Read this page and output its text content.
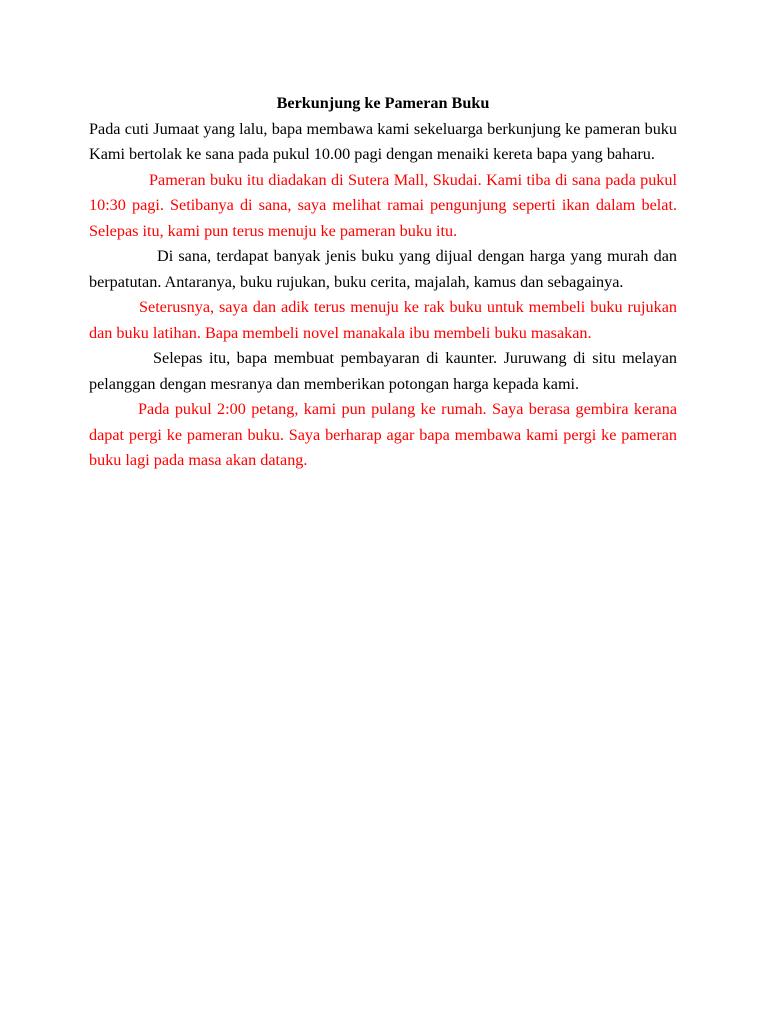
Berkunjung ke Pameran Buku

Pada cuti Jumaat yang lalu, bapa membawa kami sekeluarga berkunjung ke pameran buku Kami bertolak ke sana pada pukul 10.00 pagi dengan menaiki kereta bapa yang baharu.

Pameran buku itu diadakan di Sutera Mall, Skudai. Kami tiba di sana pada pukul 10:30 pagi. Setibanya di sana, saya melihat ramai pengunjung seperti ikan dalam belat. Selepas itu, kami pun terus menuju ke pameran buku itu.

Di sana, terdapat banyak jenis buku yang dijual dengan harga yang murah dan berpatutan. Antaranya, buku rujukan, buku cerita, majalah, kamus dan sebagainya.

Seterusnya, saya dan adik terus menuju ke rak buku untuk membeli buku rujukan dan buku latihan. Bapa membeli novel manakala ibu membeli buku masakan.

Selepas itu, bapa membuat pembayaran di kaunter. Juruwang di situ melayan pelanggan dengan mesranya dan memberikan potongan harga kepada kami.

Pada pukul 2:00 petang, kami pun pulang ke rumah. Saya berasa gembira kerana dapat pergi ke pameran buku. Saya berharap agar bapa membawa kami pergi ke pameran buku lagi pada masa akan datang.
